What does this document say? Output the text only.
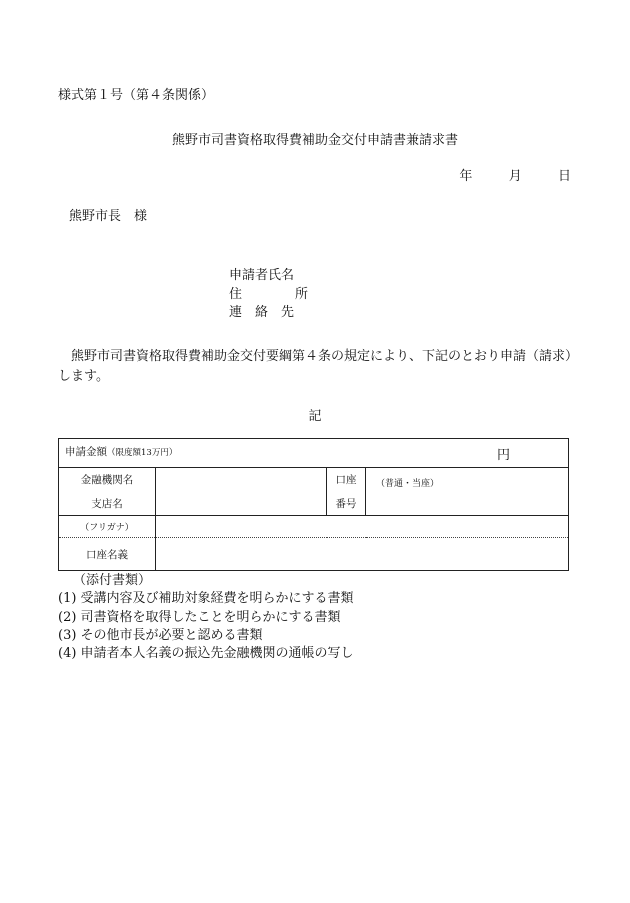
様式第１号（第４条関係）
熊野市司書資格取得費補助金交付申請書兼請求書
年	月	日
熊野市長　様
申請者氏名
住	所
連　絡　先
熊野市司書資格取得費補助金交付要綱第４条の規定により、下記のとおり申請（請求）します。
記
申請金額（限度額13万円） 円			

金融機関名		口座	（普通・当座）
支店名		番号	
（フリガナ）			
口座名義			
（添付書類）
(1) 受講内容及び補助対象経費を明らかにする書類
(2) 司書資格を取得したことを明らかにする書類
(3) その他市長が必要と認める書類
(4) 申請者本人名義の振込先金融機関の通帳の写し
